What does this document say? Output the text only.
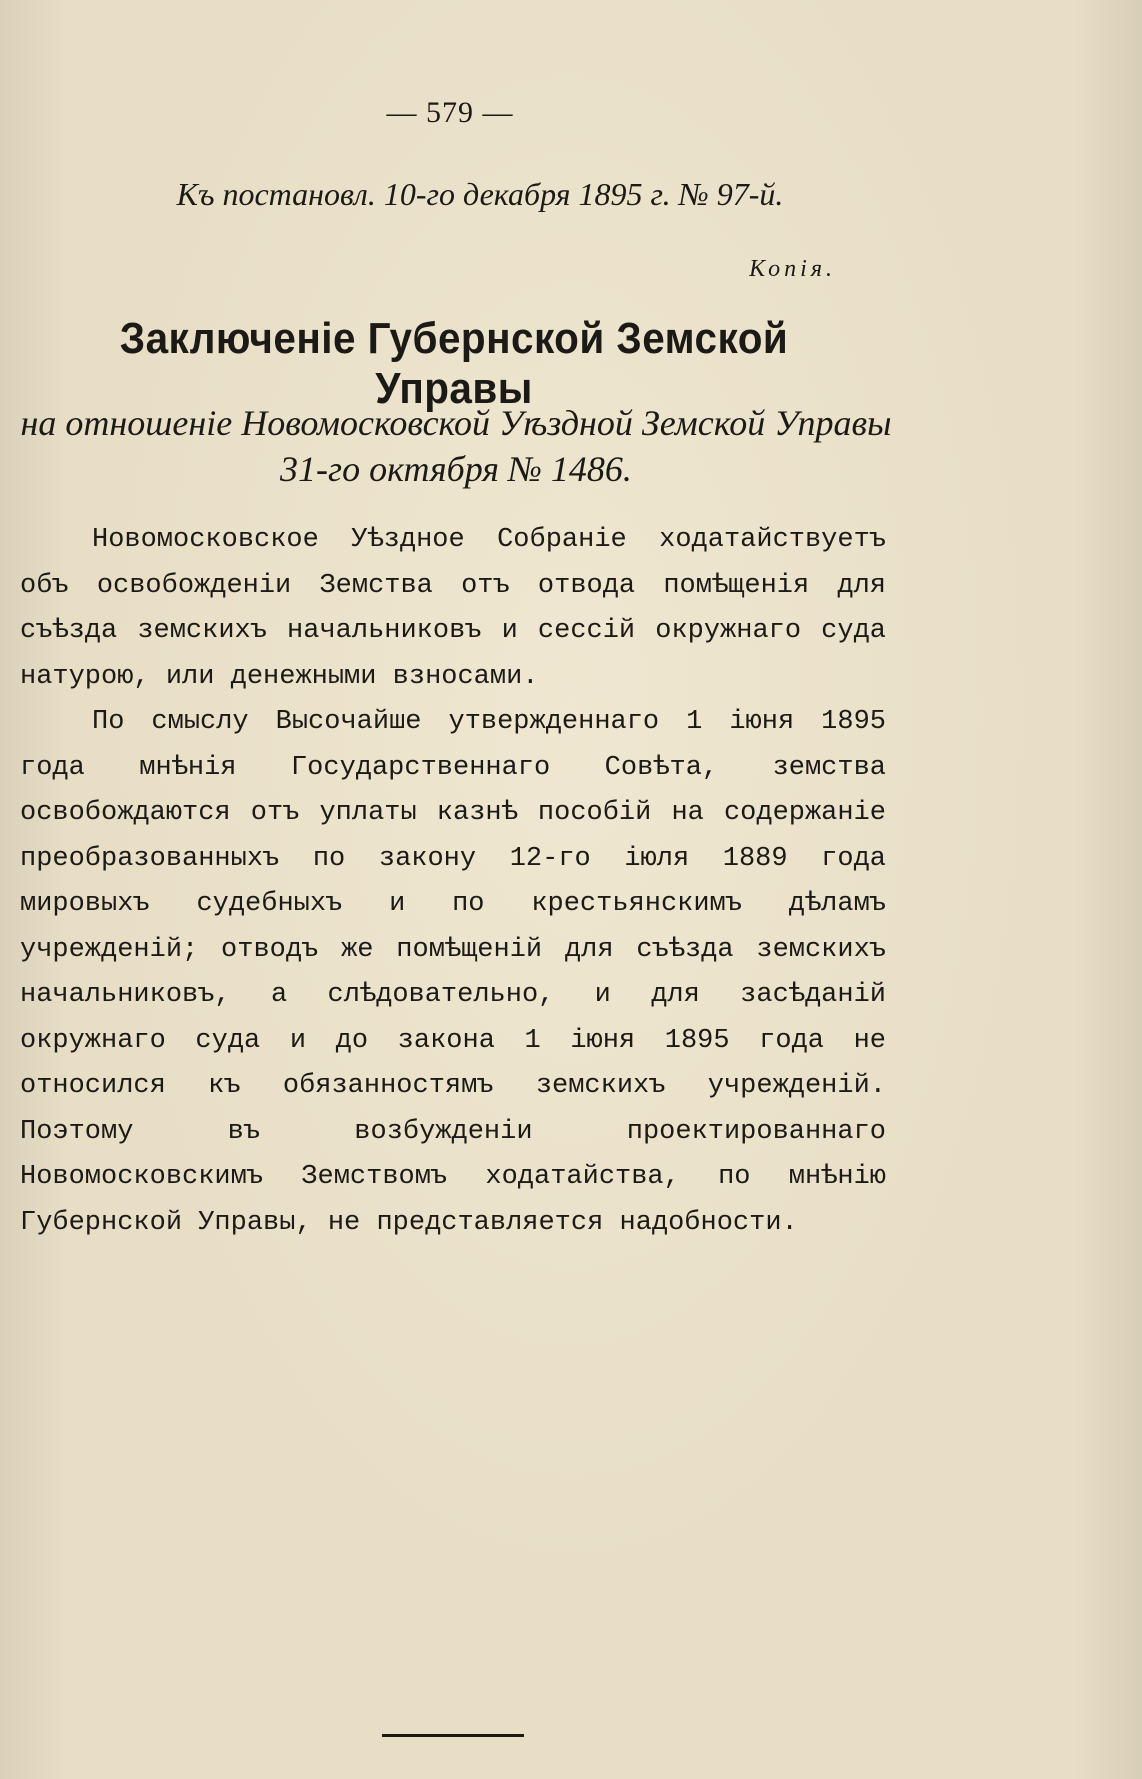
— 579 —
Къ постановл. 10-го декабря 1895 г. № 97-й.
Копія.
Заключеніе Губернской Земской Управы
на отношеніе Новомосковской Уѣздной Земской Управы
31-го октября № 1486.

Новомосковское Уѣздное Собраніе ходатайствуетъ объ освобожденіи Земства отъ отвода помѣщенія для съѣзда земскихъ начальниковъ и сессій окружнаго суда натурою, или денежными взносами.

По смыслу Высочайше утвержденнаго 1 іюня 1895 года мнѣнія Государственнаго Совѣта, земства освобождаются отъ уплаты казнѣ пособій на содержаніе преобразованныхъ по закону 12-го іюля 1889 года мировыхъ судебныхъ и по крестьянскимъ дѣламъ учрежденій; отводъ же помѣщеній для съѣзда земскихъ начальниковъ, а слѣдовательно, и для засѣданій окружнаго суда и до закона 1 іюня 1895 года не относился къ обязанностямъ земскихъ учрежденій. Поэтому въ возбужденіи проектированнаго Новомосковскимъ Земствомъ ходатайства, по мнѣнію Губернской Управы, не представляется надобности.
